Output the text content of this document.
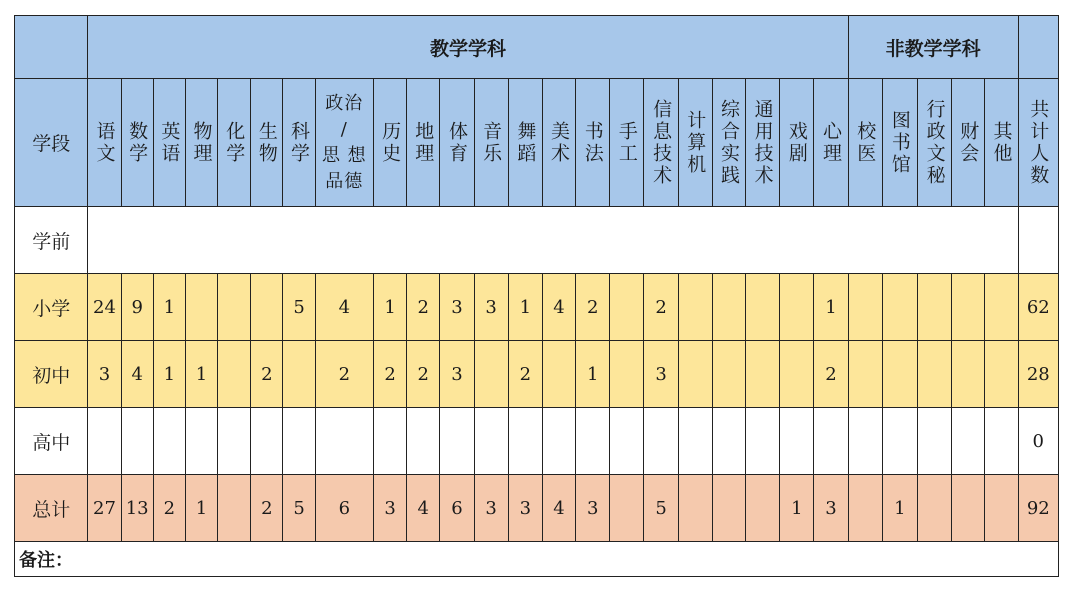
	教学学科																						非教学学科					
学段	语文	数学	英语	物理	化学	生物	科学	政治
/
思 想
品德	历史	地理	体育	音乐	舞蹈	美术	书法	手工	信息技术	计算机	综合实践	通用技术	戏剧	心理	校医	图书馆	行政文秘	财会	其他	共计人数

学前																												
小学	24	9	1				5	4	1	2	3	3	1	4	2		2					1						62
初中	3	4	1	1		2		2	2	2	3		2		1		3					2						28
高中																												0
总计	27	13	2	1		2	5	6	3	4	6	3	3	4	3		5				1	3		1				92
备注：																												
